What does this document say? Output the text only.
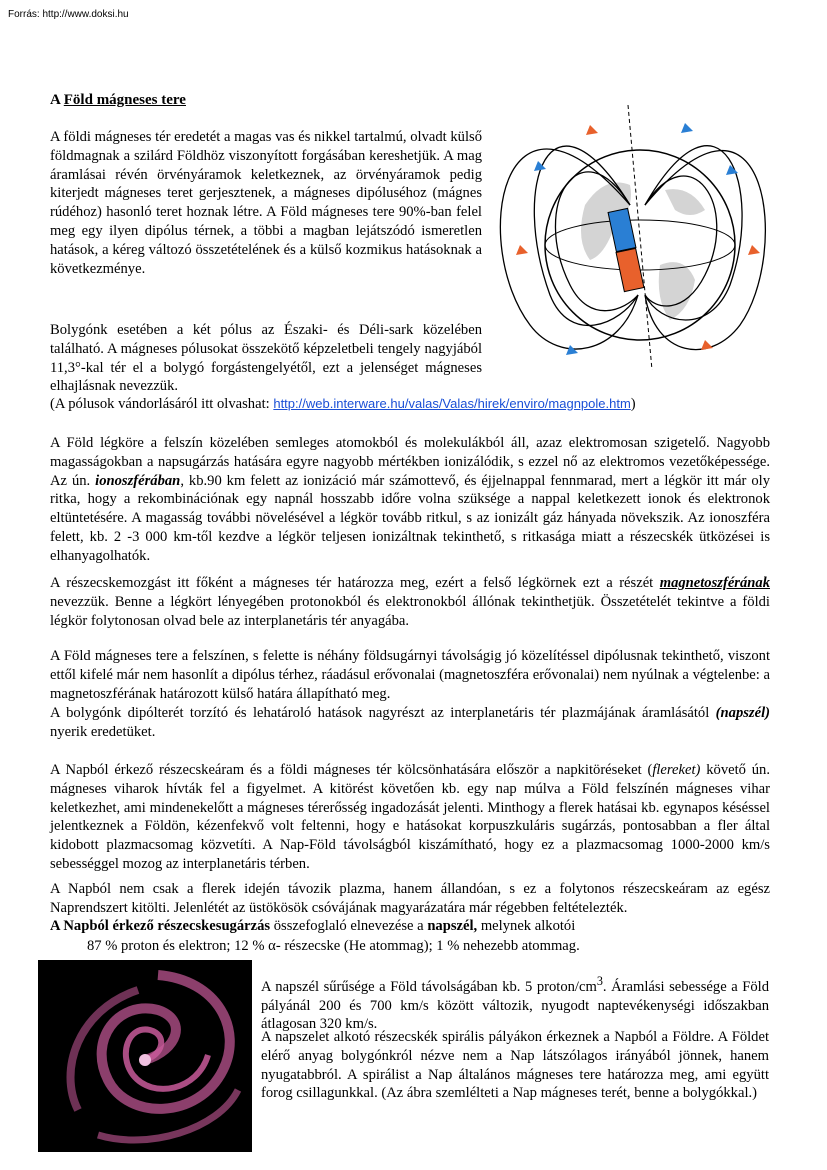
Forrás: http://www.doksi.hu
A Föld mágneses tere

A földi mágneses tér eredetét a magas vas és nikkel tartalmú, olvadt külső földmagnak a szilárd Földhöz viszonyított forgásában kereshetjük. A mag áramlásai révén örvényáramok keletkeznek, az örvényáramok pedig kiterjedt mágneses teret gerjesztenek, a mágneses dipóluséhoz (mágnes rúdéhoz) hasonló teret hoznak létre. A Föld mágneses tere 90%-ban felel meg egy ilyen dipólus térnek, a többi a magban lejátszódó ismeretlen hatások, a kéreg változó összetételének és a külső kozmikus hatásoknak a következménye.

Bolygónk esetében a két pólus az Északi- és Déli-sark közelében található. A mágneses pólusokat összekötő képzeletbeli tengely nagyjából 11,3°-kal tér el a bolygó forgástengelyétől, ezt a jelenséget mágneses elhajlásnak nevezzük.

(A pólusok vándorlásáról itt olvashat: http://web.interware.hu/valas/Valas/hirek/enviro/magnpole.htm)

A Föld légköre a felszín közelében semleges atomokból és molekulákból áll, azaz elektromosan szigetelő. Nagyobb magasságokban a napsugárzás hatására egyre nagyobb mértékben ionizálódik, s ezzel nő az elektromos vezetőképessége. Az ún. ionoszférában, kb.90 km felett az ionizáció már számottevő, és éjjelnappal fennmarad, mert a légkör itt már oly ritka, hogy a rekombinációnak egy napnál hosszabb időre volna szüksége a nappal keletkezett ionok és elektronok eltüntetésére. A magasság további növelésével a légkör tovább ritkul, s az ionizált gáz hányada növekszik. Az ionoszféra felett, kb. 2 -3 000 km-től kezdve a légkör teljesen ionizáltnak tekinthető, s ritkasága miatt a részecskék ütközései is elhanyagolhatók.

A részecskemozgást itt főként a mágneses tér határozza meg, ezért a felső légkörnek ezt a részét magnetoszférának nevezzük. Benne a légkört lényegében protonokból és elektronokból állónak tekinthetjük. Összetételét tekintve a földi légkör folytonosan olvad bele az interplanetáris tér anyagába.

A Föld mágneses tere a felszínen, s felette is néhány földsugárnyi távolságig jó közelítéssel dipólusnak tekinthető, viszont ettől kifelé már nem hasonlít a dipólus térhez, ráadásul erővonalai (magnetoszféra erővonalai) nem nyúlnak a végtelenbe: a magnetoszférának határozott külső határa állapítható meg.

A bolygónk dipólterét torzító és lehatároló hatások nagyrészt az interplanetáris tér plazmájának áramlásától (napszél) nyerik eredetüket.

A Napból érkező részecskeáram és a földi mágneses tér kölcsönhatására először a napkitöréseket (flereket) követő ún. mágneses viharok hívták fel a figyelmet. A kitörést követően kb. egy nap múlva a Föld felszínén mágneses vihar keletkezhet, ami mindenekelőtt a mágneses térerősség ingadozását jelenti. Minthogy a flerek hatásai kb. egynapos késéssel jelentkeznek a Földön, kézenfekvő volt feltenni, hogy e hatásokat korpuszkuláris sugárzás, pontosabban a fler által kidobott plazmacsomag közvetíti. A Nap-Föld távolságból kiszámítható, hogy ez a plazmacsomag 1000-2000 km/s sebességgel mozog az interplanetáris térben.

A Napból nem csak a flerek idején távozik plazma, hanem állandóan, s ez a folytonos részecskeáram az egész Naprendszert kitölti. Jelenlétét az üstökösök csóvájának magyarázatára már régebben feltételezték.

A Napból érkező részecskesugárzás összefoglaló elnevezése a napszél, melynek alkotói

87 % proton és elektron; 12 % α- részecske (He atommag); 1 % nehezebb atommag.

A napszél sűrűsége a Föld távolságában kb. 5 proton/$cm^3$. Áramlási sebessége a Föld pályánál 200 és 700 km/s között változik, nyugodt naptevékenységi időszakban átlagosan 320 km/s.

A napszelet alkotó részecskék spirális pályákon érkeznek a Napból a Földre. A Földet elérő anyag bolygónkról nézve nem a Nap látszólagos irányából jönnek, hanem nyugatabbról. A spirálist a Nap általános mágneses tere határozza meg, ami együtt forog csillagunkkal. (Az ábra szemlélteti a Nap mágneses terét, benne a bolygókkal.)
